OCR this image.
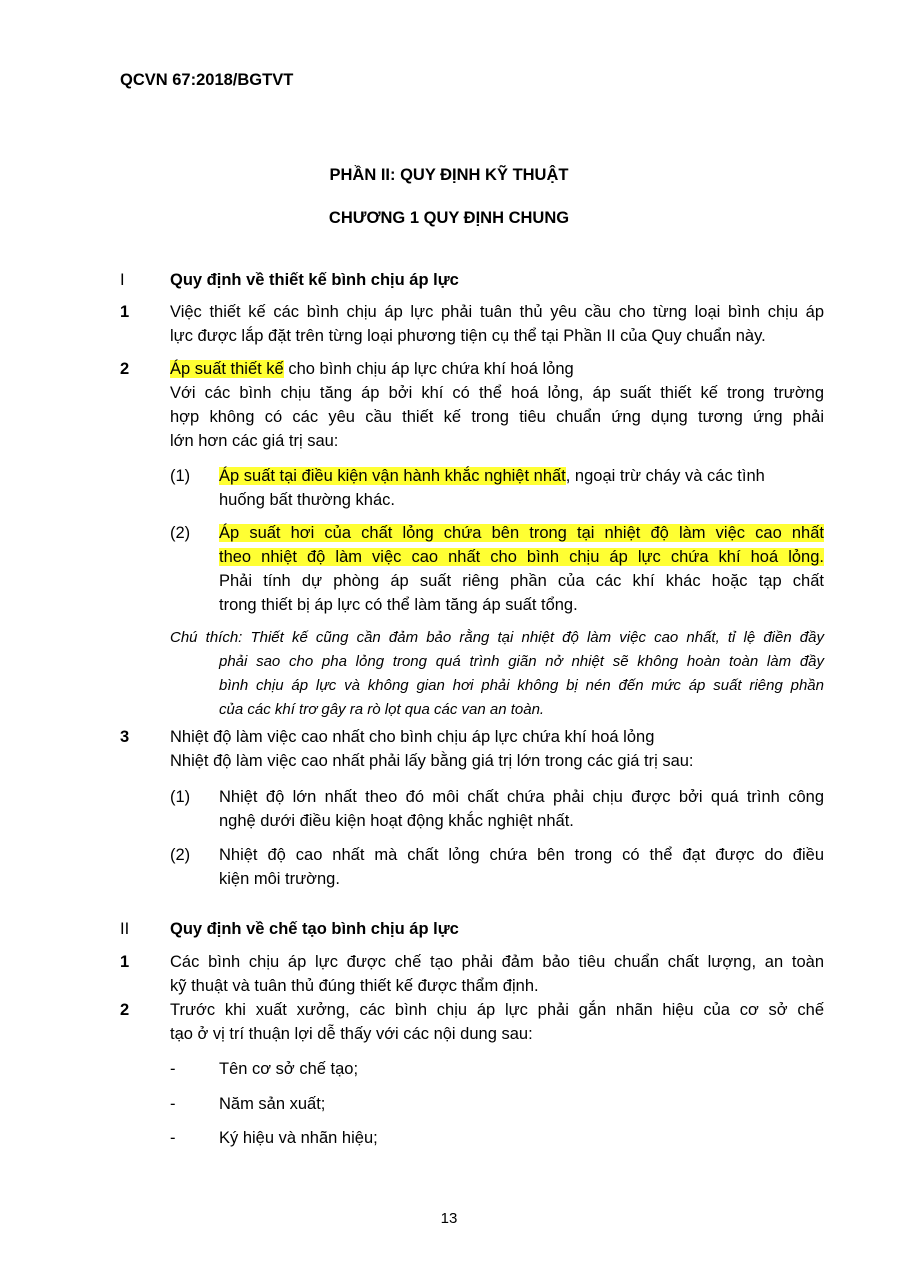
QCVN 67:2018/BGTVT
PHẦN II: QUY ĐỊNH KỸ THUẬT
CHƯƠNG 1 QUY ĐỊNH CHUNG
I	Quy định về thiết kế bình chịu áp lực
1 Việc thiết kế các bình chịu áp lực phải tuân thủ yêu cầu cho từng loại bình chịu áp
lực được lắp đặt trên từng loại phương tiện cụ thể tại Phần II của Quy chuẩn này.
2 Áp suất thiết kế cho bình chịu áp lực chứa khí hoá lỏng
Với các bình chịu tăng áp bởi khí có thể hoá lỏng, áp suất thiết kế trong trường
hợp không có các yêu cầu thiết kế trong tiêu chuẩn ứng dụng tương ứng phải
lớn hơn các giá trị sau:
(1) Áp suất tại điều kiện vận hành khắc nghiệt nhất, ngoại trừ cháy và các tình
huống bất thường khác.
(2) Áp suất hơi của chất lỏng chứa bên trong tại nhiệt độ làm việc cao nhất
theo nhiệt độ làm việc cao nhất cho bình chịu áp lực chứa khí hoá lỏng.
Phải tính dự phòng áp suất riêng phần của các khí khác hoặc tạp chất
trong thiết bị áp lực có thể làm tăng áp suất tổng.
Chú thích: Thiết kế cũng cần đảm bảo rằng tại nhiệt độ làm việc cao nhất, tỉ lệ điền đầy
phải sao cho pha lỏng trong quá trình giãn nở nhiệt sẽ không hoàn toàn làm đầy
bình chịu áp lực và không gian hơi phải không bị nén đến mức áp suất riêng phần
của các khí trơ gây ra rò lọt qua các van an toàn.
3 Nhiệt độ làm việc cao nhất cho bình chịu áp lực chứa khí hoá lỏng
Nhiệt độ làm việc cao nhất phải lấy bằng giá trị lớn trong các giá trị sau:
(1) Nhiệt độ lớn nhất theo đó môi chất chứa phải chịu được bởi quá trình công
nghệ dưới điều kiện hoạt động khắc nghiệt nhất.
(2) Nhiệt độ cao nhất mà chất lỏng chứa bên trong có thể đạt được do điều
kiện môi trường.
II Quy định về chế tạo bình chịu áp lực
1 Các bình chịu áp lực được chế tạo phải đảm bảo tiêu chuẩn chất lượng, an toàn
kỹ thuật và tuân thủ đúng thiết kế được thẩm định.
2 Trước khi xuất xưởng, các bình chịu áp lực phải gắn nhãn hiệu của cơ sở chế
tạo ở vị trí thuận lợi dễ thấy với các nội dung sau:
-	Tên cơ sở chế tạo;
-	Năm sản xuất;
-	Ký hiệu và nhãn hiệu;
13
